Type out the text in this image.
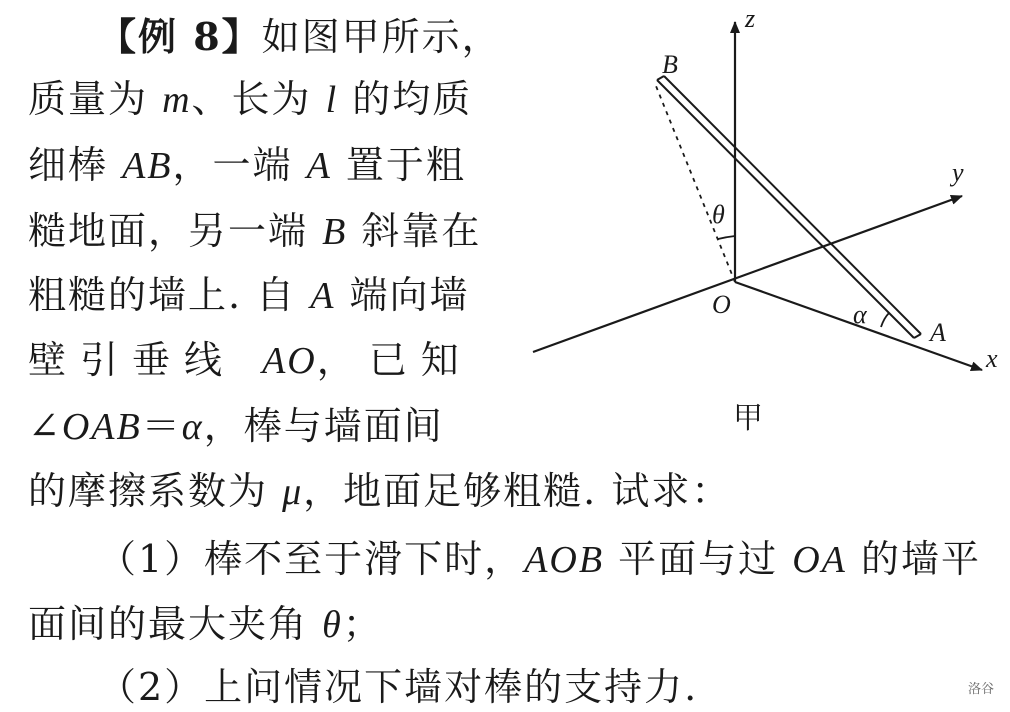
【例 8】如图甲所示，
质量为 m、长为 l 的均质
细棒 AB，一端 A 置于粗
糙地面，另一端 B 斜靠在
粗糙的墙上. 自 A 端向墙
壁引垂线 AO，已知
∠OAB＝α，棒与墙面间
的摩擦系数为 μ，地面足够粗糙. 试求：
（1）棒不至于滑下时，AOB 平面与过 OA 的墙平
面间的最大夹角 θ；
（2）上问情况下墙对棒的支持力.
z
y
x
O
A
B
θ
α
甲
洛谷
